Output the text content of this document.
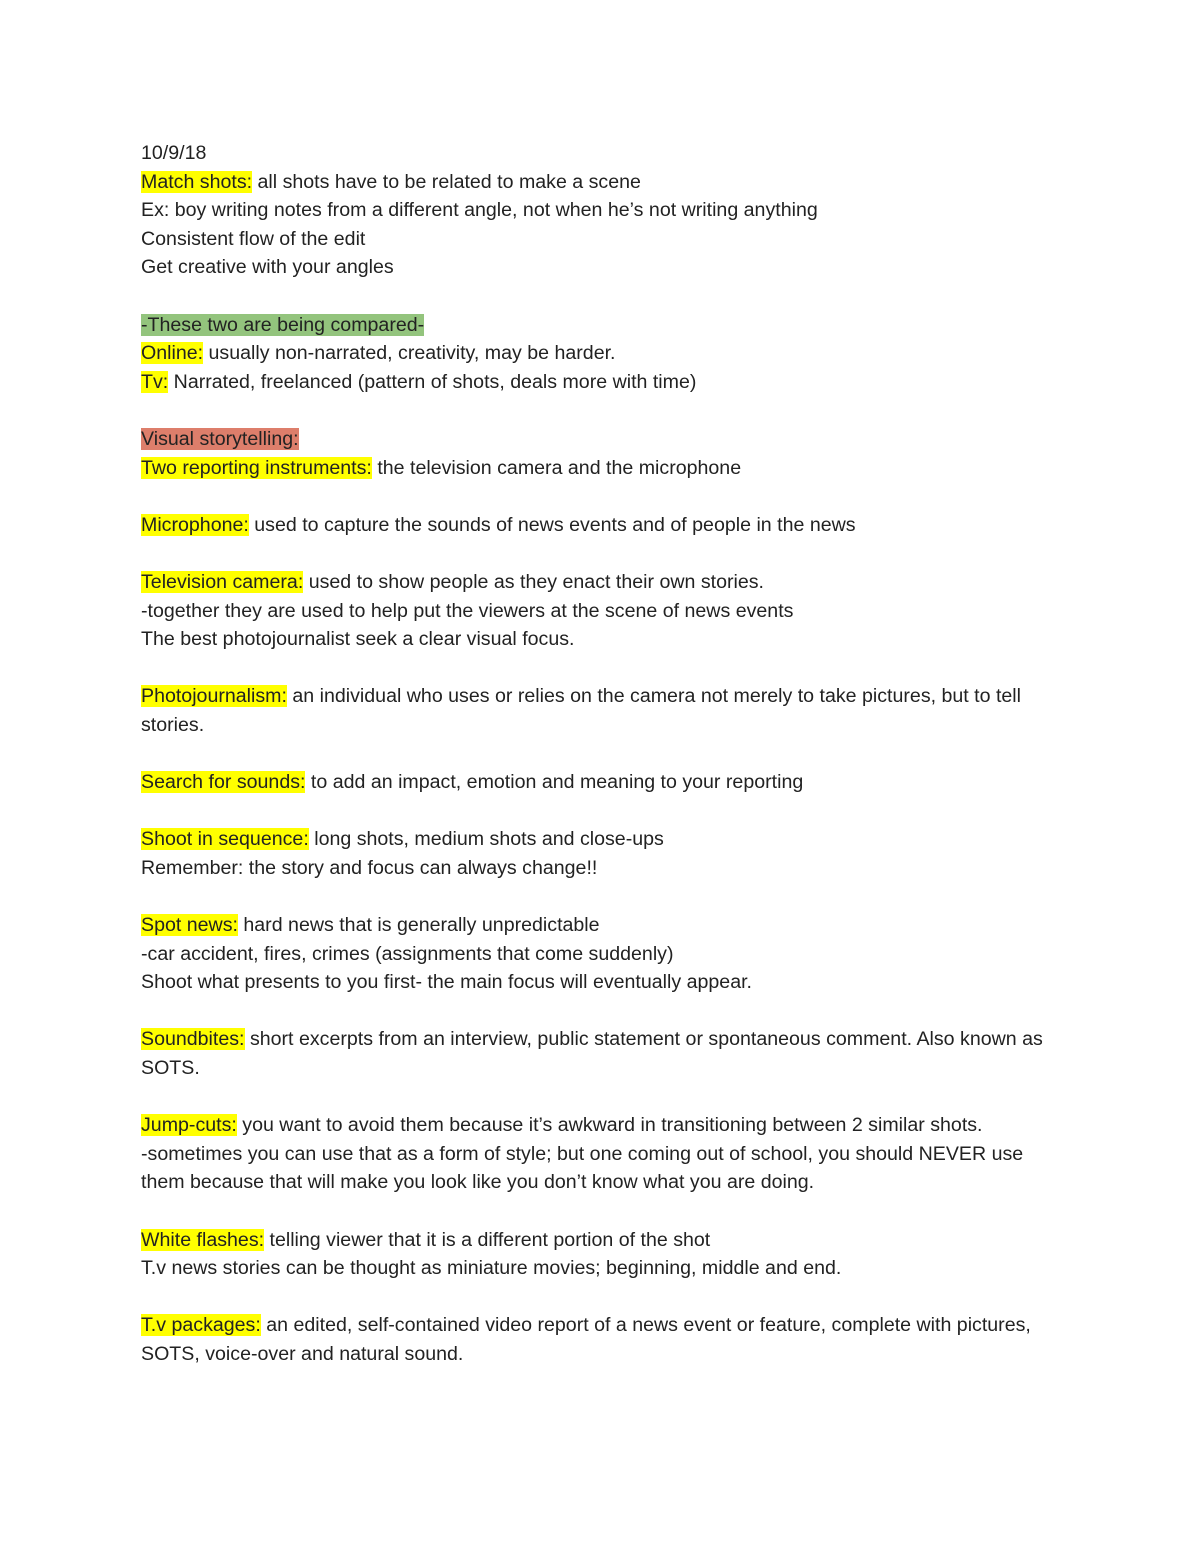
10/9/18

Match shots: all shots have to be related to make a scene

Ex: boy writing notes from a different angle, not when he’s not writing anything

Consistent flow of the edit

Get creative with your angles

-These two are being compared-

Online: usually non-narrated, creativity, may be harder.

Tv: Narrated, freelanced (pattern of shots, deals more with time)

Visual storytelling:

Two reporting instruments: the television camera and the microphone

Microphone: used to capture the sounds of news events and of people in the news

Television camera: used to show people as they enact their own stories.

-together they are used to help put the viewers at the scene of news events

The best photojournalist seek a clear visual focus.

Photojournalism: an individual who uses or relies on the camera not merely to take pictures, but to tell stories.

Search for sounds: to add an impact, emotion and meaning to your reporting

Shoot in sequence: long shots, medium shots and close-ups

Remember: the story and focus can always change!!

Spot news: hard news that is generally unpredictable

-car accident, fires, crimes (assignments that come suddenly)

Shoot what presents to you first- the main focus will eventually appear.

Soundbites: short excerpts from an interview, public statement or spontaneous comment. Also known as SOTS.

Jump-cuts: you want to avoid them because it’s awkward in transitioning between 2 similar shots.

-sometimes you can use that as a form of style; but one coming out of school, you should NEVER use them because that will make you look like you don’t know what you are doing.

White flashes: telling viewer that it is a different portion of the shot

T.v news stories can be thought as miniature movies; beginning, middle and end.

T.v packages: an edited, self-contained video report of a news event or feature, complete with pictures, SOTS, voice-over and natural sound.
